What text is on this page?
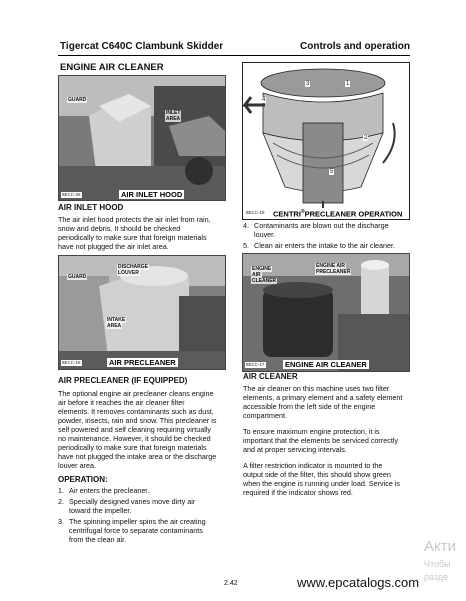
Tigercat C640C Clambunk Skidder	Controls and operation
ENGINE AIR CLEANER
GUARD
INLET
AREA
8ECC-26	AIR INLET HOOD
AIR INLET HOOD
The air inlet hood protects the air inlet from rain,
snow and debris. It should be checked
periodically to make sure that foreign materials
have not plugged the air inlet area.
DISCHARGE
LOUVER
GUARD
INTAKE
AREA
8ECC-16	AIR PRECLEANER
AIR PRECLEANER (IF EQUIPPED)
The optional engine air precleaner cleans engine
air before it reaches the air cleaner filter
elements. It removes contaminants such as dust,
powder, insects, rain and snow. This precleaner is
self powered and self cleaning requiring virtually
no maintenance. However, it should be checked
periodically to make sure that foreign materials
have not plugged the intake area or the discharge
louver area.
OPERATION:
1. Air enters the precleaner.
2. Specially designed vanes move dirty air
toward the impeller.
3. The spinning impeller spins the air creating
centrifugal force to separate contaminants
from the clean air.
4
3	1
2
5
8ECC-19 CENTRI®PRECLEANER OPERATION
4. Contaminants are blown out the discharge
louver.
5. Clean air enters the intake to the air cleaner.
ENGINE
AIR
CLEANER
ENGINE AIR
PRECLEANER
8ECC-17	ENGINE AIR CLEANER
AIR CLEANER
The air cleaner on this machine uses two filter
elements, a primary element and a safety element
accessible from the left side of the engine
compartment.
To ensure maximum engine protection, it is
important that the elements be serviced correctly
and at proper servicing intervals.
A filter restriction indicator is mounted to the
output side of the filter, this should show green
when the engine is running under load. Service is
required if the indicator shows red.
Акти
Чтобы
разде
2.42	www.epcatalogs.com
